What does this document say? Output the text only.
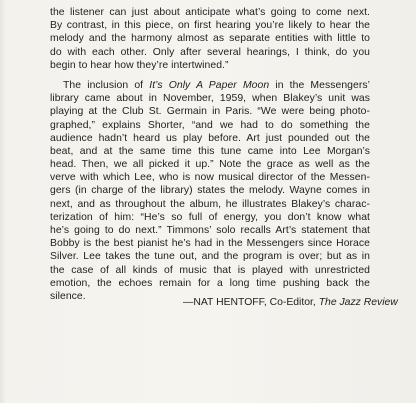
the listener can just about anticipate what’s going to come next.
By contrast, in this piece, on first hearing you’re likely to hear the
melody and the harmony almost as separate entities with little to
do with each other. Only after several hearings, I think, do you
begin to hear how they’re intertwined.”
The inclusion of It’s Only A Paper Moon in the Messengers’
library came about in November, 1959, when Blakey’s unit was
playing at the Club St. Germain in Paris. “We were being photo-
graphed,” explains Shorter, “and we had to do something the
audience hadn’t heard us play before. Art just pounded out the
beat, and at the same time this tune came into Lee Morgan’s
head. Then, we all picked it up.” Note the grace as well as the
verve with which Lee, who is now musical director of the Messen-
gers (in charge of the library) states the melody. Wayne comes in
next, and as throughout the album, he illustrates Blakey’s charac-
terization of him: “He’s so full of energy, you don’t know what
he’s going to do next.” Timmons’ solo recalls Art’s statement that
Bobby is the best pianist he’s had in the Messengers since Horace
Silver. Lee takes the tune out, and the program is over; but as in
the case of all kinds of music that is played with unrestricted
emotion, the echoes remain for a long time pushing back the
silence.
—NAT HENTOFF, Co-Editor, The Jazz Review
